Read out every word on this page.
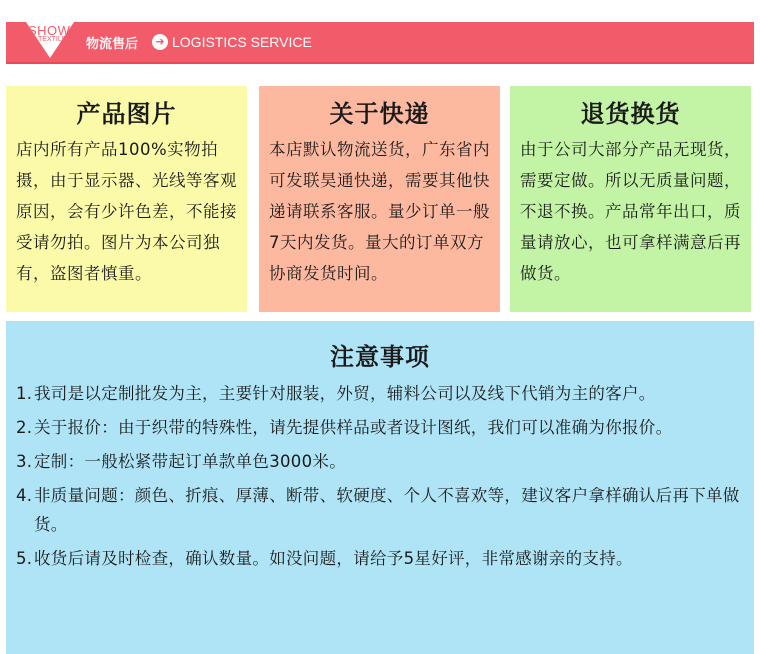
SHOW
TEXTILE 物流售后	➜ LOGISTICS SERVICE
产品图片
店内所有产品100%实物拍摄，由于显示器、光线等客观原因，会有少许色差，不能接受请勿拍。图片为本公司独有，盗图者慎重。
关于快递
本店默认物流送货，广东省内可发联昊通快递，需要其他快递请联系客服。量少订单一般7天内发货。量大的订单双方协商发货时间。
退货换货
由于公司大部分产品无现货，需要定做。所以无质量问题，不退不换。产品常年出口，质量请放心，也可拿样满意后再做货。
注意事项
1. 我司是以定制批发为主，主要针对服装，外贸，辅料公司以及线下代销为主的客户。
2. 关于报价：由于织带的特殊性，请先提供样品或者设计图纸，我们可以准确为你报价。
3. 定制：一般松紧带起订单款单色3000米。
4. 非质量问题：颜色、折痕、厚薄、断带、软硬度、个人不喜欢等，建议客户拿样确认后再下单做货。
5. 收货后请及时检查，确认数量。如没问题，请给予5星好评，非常感谢亲的支持。
